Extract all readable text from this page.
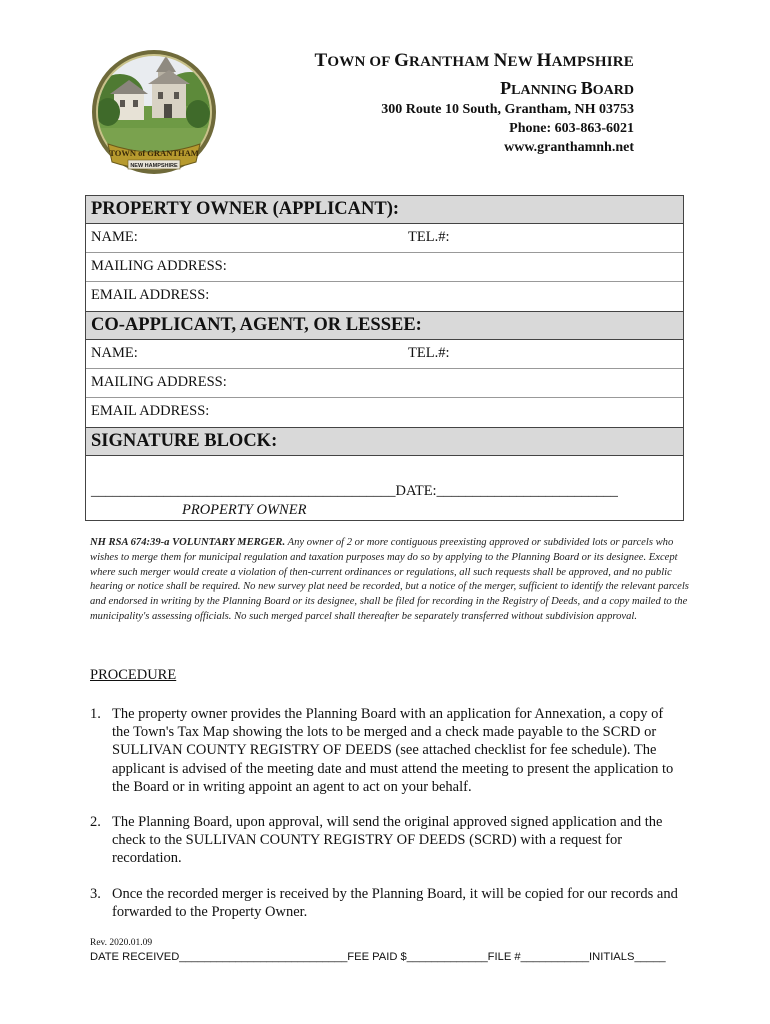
TOWN of GRANTHAM
NEW HAMPSHIRE
TOWN OF GRANTHAM NEW HAMPSHIRE
PLANNING BOARD
300 Route 10 South, Grantham, NH 03753
Phone: 603-863-6021
www.granthamnh.net
PROPERTY OWNER (APPLICANT):
NAME:	TEL.#:
MAILING ADDRESS:
EMAIL ADDRESS:
CO-APPLICANT, AGENT, OR LESSEE:
NAME:	TEL.#:
MAILING ADDRESS:
EMAIL ADDRESS:
SIGNATURE BLOCK:
__________________________________________DATE:_________________________
PROPERTY OWNER
NH RSA 674:39-a VOLUNTARY MERGER. Any owner of 2 or more contiguous preexisting approved or subdivided lots or parcels who wishes to merge them for municipal regulation and taxation purposes may do so by applying to the Planning Board or its designee. Except where such merger would create a violation of then-current ordinances or regulations, all such requests shall be approved, and no public hearing or notice shall be required. No new survey plat need be recorded, but a notice of the merger, sufficient to identify the relevant parcels and endorsed in writing by the Planning Board or its designee, shall be filed for recording in the Registry of Deeds, and a copy mailed to the municipality's assessing officials. No such merged parcel shall thereafter be separately transferred without subdivision approval.
PROCEDURE
1. The property owner provides the Planning Board with an application for Annexation, a copy of the Town's Tax Map showing the lots to be merged and a check made payable to the SCRD or SULLIVAN COUNTY REGISTRY OF DEEDS (see attached checklist for fee schedule). The applicant is advised of the meeting date and must attend the meeting to present the application to the Board or in writing appoint an agent to act on your behalf.
2. The Planning Board, upon approval, will send the original approved signed application and the check to the SULLIVAN COUNTY REGISTRY OF DEEDS (SCRD) with a request for recordation.
3. Once the recorded merger is received by the Planning Board, it will be copied for our records and forwarded to the Property Owner.
Rev. 2020.01.09
DATE RECEIVED___________________________FEE PAID $_____________FILE #___________INITIALS_____
